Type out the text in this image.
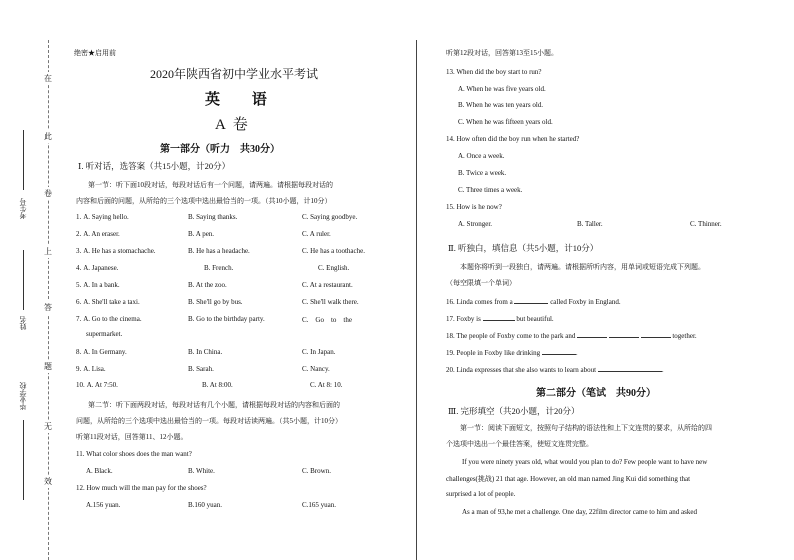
在
此
卷
上
答
题
无
效
考生号
姓名
毕业学校
绝密★启用前
2020年陕西省初中学业水平考试
英 语
A 卷
第一部分（听力　共30分）
Ⅰ. 听对话，选答案（共15小题，计20分）
第一节：听下面10段对话，每段对话后有一个问题，请两遍。请根据每段对话的
内容和后面的问题，从所给的三个选项中选出最恰当的一项。（共10小题，计10分）
1. A. Saying hello.	B. Saying thanks.	C. Saying goodbye.
2. A. An eraser.	B. A pen.	C. A ruler.
3. A. He has a stomachache.	B. He has a headache.	C. He has a toothache.
4. A. Japanese.	B. French.	C. English.
5. A. In a bank.	B. At the zoo.	C. At a restaurant.
6. A. She'll take a taxi.	B. She'll go by bus.	C. She'll walk there.
7. A. Go to the cinema.	B. Go to the birthday party.	C.　Go　to　the
8. A. In Germany.	B. In China.	C. In Japan.
9. A. Lisa.	B. Sarah.	C. Nancy.
10. A. At 7:50.	B. At 8:00.	C. At 8: 10.
supermarket.
第二节：听下面两段对话，每段对话有几个小题，请根据每段对话的内容和后面的
问题，从所给的三个选项中选出最恰当的一项。每段对话读两遍。（共5小题，计10分）
听第11段对话，回答第11、12小题。
11. What color shoes does the man want?
A. Black.	B. White.	C. Brown.
12. How much will the man pay for the shoes?
A.156 yuan.	B.160 yuan.	C.165 yuan.
听第12段对话，回答第13至15小题。
13. When did the boy start to run?
A. When he was five years old.
B. When he was ten years old.
C. When he was fifteen years old.
14. How often did the boy run when he started?
A. Once a week.
B. Twice a week.
C. Three times a week.
15. How is he now?
A. Stronger.	B. Taller.	C. Thinner.
Ⅱ. 听独白，填信息（共5小题，计10分）
本题你将听到一段独白，请两遍。请根据所听内容，用单词或短语完成下列题。
（每空限填一个单词）
16. Linda comes from a	called Foxby in England.
17. Foxby is	but beautiful.
18. The people of Foxby come to the park and	together.
19. People in Foxby like drinking	.
20. Linda expresses that she also wants to learn about	.
第二部分（笔试　共90分）
Ⅲ. 完形填空（共20小题，计20分）
第一节：阅读下面短文，按照句子结构的语法性和上下文连贯的要求，从所给的四
个选项中选出一个最佳答案，使短文连贯完整。
If you were ninety years old, what would you plan to do? Few people want to have new
challenges(挑战) 21 that age. However, an old man named Jing Kui did something that
surprised a lot of people.
As a man of 93,he met a challenge. One day, 22film director came to him and asked
